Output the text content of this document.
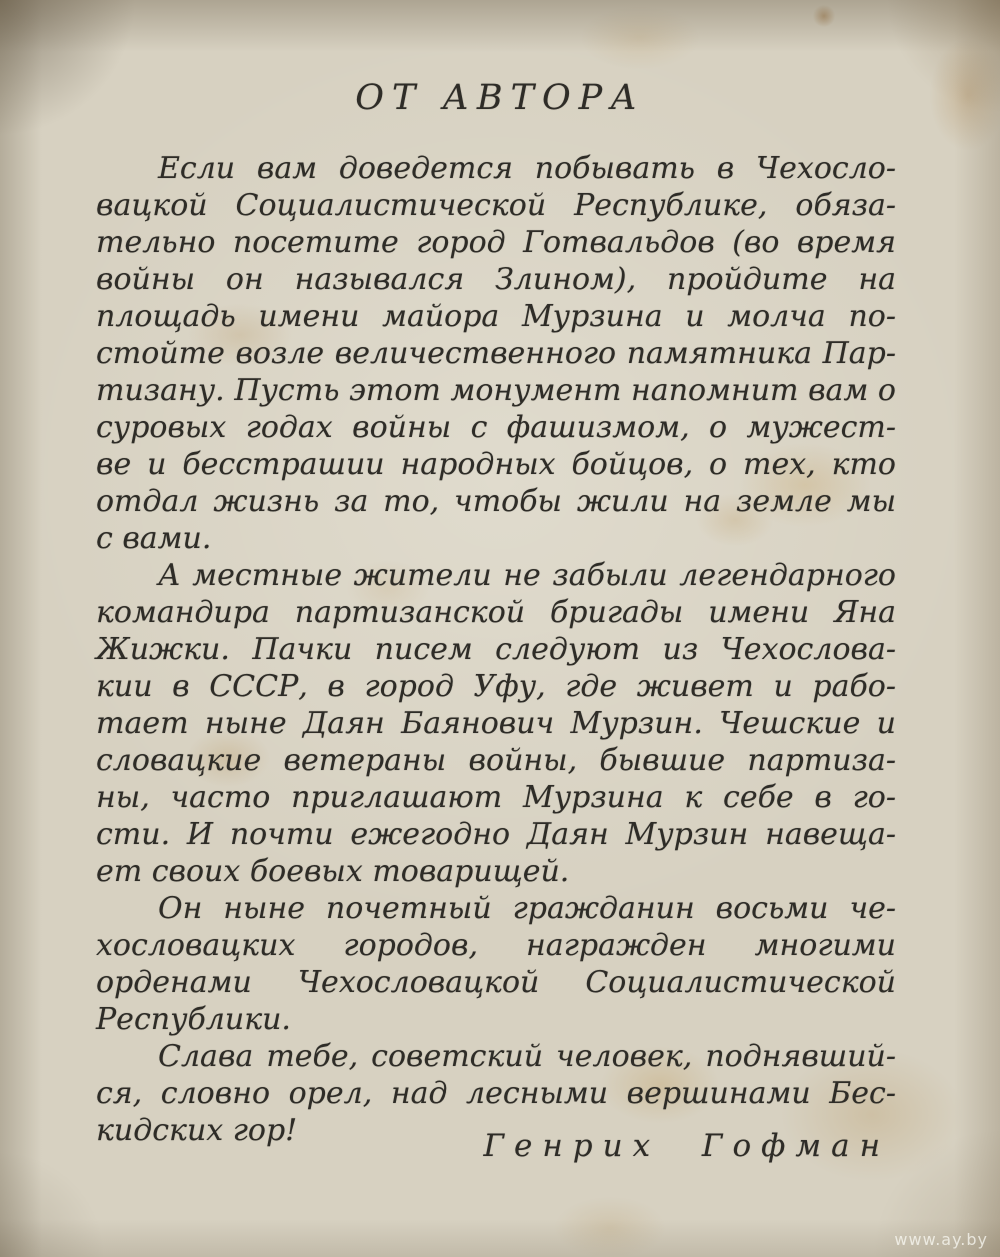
ОТ АВТОРА

Если вам доведется побывать в Чехосло-
вацкой Социалистической Республике, обяза-
тельно посетите город Готвальдов (во время
войны он назывался Злином), пройдите на
площадь имени майора Мурзина и молча по-
стойте возле величественного памятника Пар-
тизану. Пусть этот монумент напомнит вам о
суровых годах войны с фашизмом, о мужест-
ве и бесстрашии народных бойцов, о тех, кто
отдал жизнь за то, чтобы жили на земле мы
с вами.

А местные жители не забыли легендарного
командира партизанской бригады имени Яна
Жижки. Пачки писем следуют из Чехослова-
кии в СССР, в город Уфу, где живет и рабо-
тает ныне Даян Баянович Мурзин. Чешские и
словацкие ветераны войны, бывшие партиза-
ны, часто приглашают Мурзина к себе в го-
сти. И почти ежегодно Даян Мурзин навеща-
ет своих боевых товарищей.

Он ныне почетный гражданин восьми че-
хословацких городов, награжден многими
орденами Чехословацкой Социалистической
Республики.

Слава тебе, советский человек, поднявший-
ся, словно орел, над лесными вершинами Бес-
кидских гор!	Генрих Гофман
www.ay.by
